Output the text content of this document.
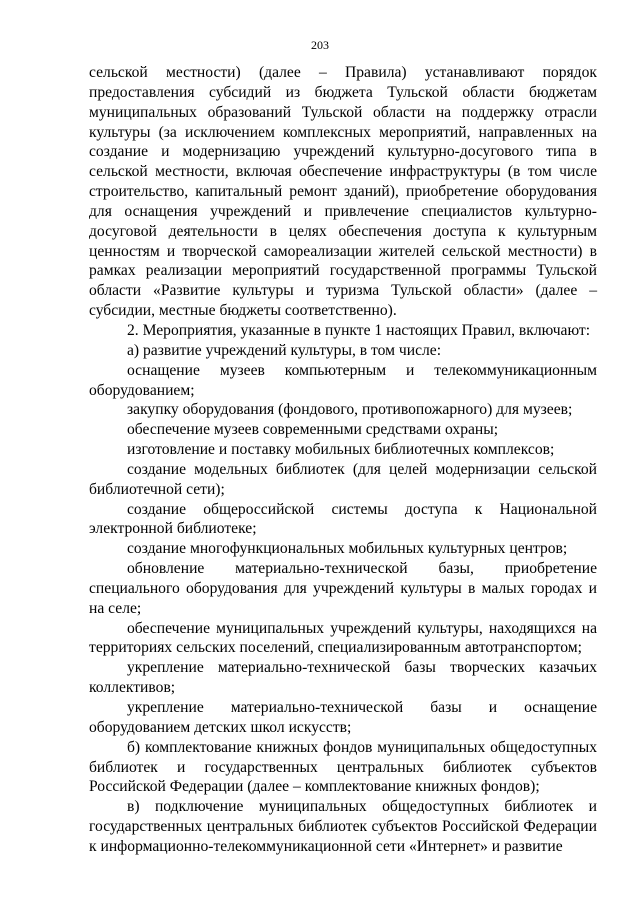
203

сельской местности) (далее – Правила) устанавливают порядок предоставления субсидий из бюджета Тульской области бюджетам муниципальных образований Тульской области на поддержку отрасли культуры (за исключением комплексных мероприятий, направленных на создание и модернизацию учреждений культурно-досугового типа в сельской местности, включая обеспечение инфраструктуры (в том числе строительство, капитальный ремонт зданий), приобретение оборудования для оснащения учреждений и привлечение специалистов культурно-досуговой деятельности в целях обеспечения доступа к культурным ценностям и творческой самореализации жителей сельской местности) в рамках реализации мероприятий государственной программы Тульской области «Развитие культуры и туризма Тульской области» (далее – субсидии, местные бюджеты соответственно).

2. Мероприятия, указанные в пункте 1 настоящих Правил, включают:

а) развитие учреждений культуры, в том числе:

оснащение музеев компьютерным и телекоммуникационным оборудованием;

закупку оборудования (фондового, противопожарного) для музеев;

обеспечение музеев современными средствами охраны;

изготовление и поставку мобильных библиотечных комплексов;

создание модельных библиотек (для целей модернизации сельской библиотечной сети);

создание общероссийской системы доступа к Национальной электронной библиотеке;

создание многофункциональных мобильных культурных центров;

обновление материально-технической базы, приобретение специального оборудования для учреждений культуры в малых городах и на селе;

обеспечение муниципальных учреждений культуры, находящихся на территориях сельских поселений, специализированным автотранспортом;

укрепление материально-технической базы творческих казачьих коллективов;

укрепление материально-технической базы и оснащение оборудованием детских школ искусств;

б) комплектование книжных фондов муниципальных общедоступных библиотек и государственных центральных библиотек субъектов Российской Федерации (далее – комплектование книжных фондов);

в) подключение муниципальных общедоступных библиотек и государственных центральных библиотек субъектов Российской Федерации к информационно-телекоммуникационной сети «Интернет» и развитие
